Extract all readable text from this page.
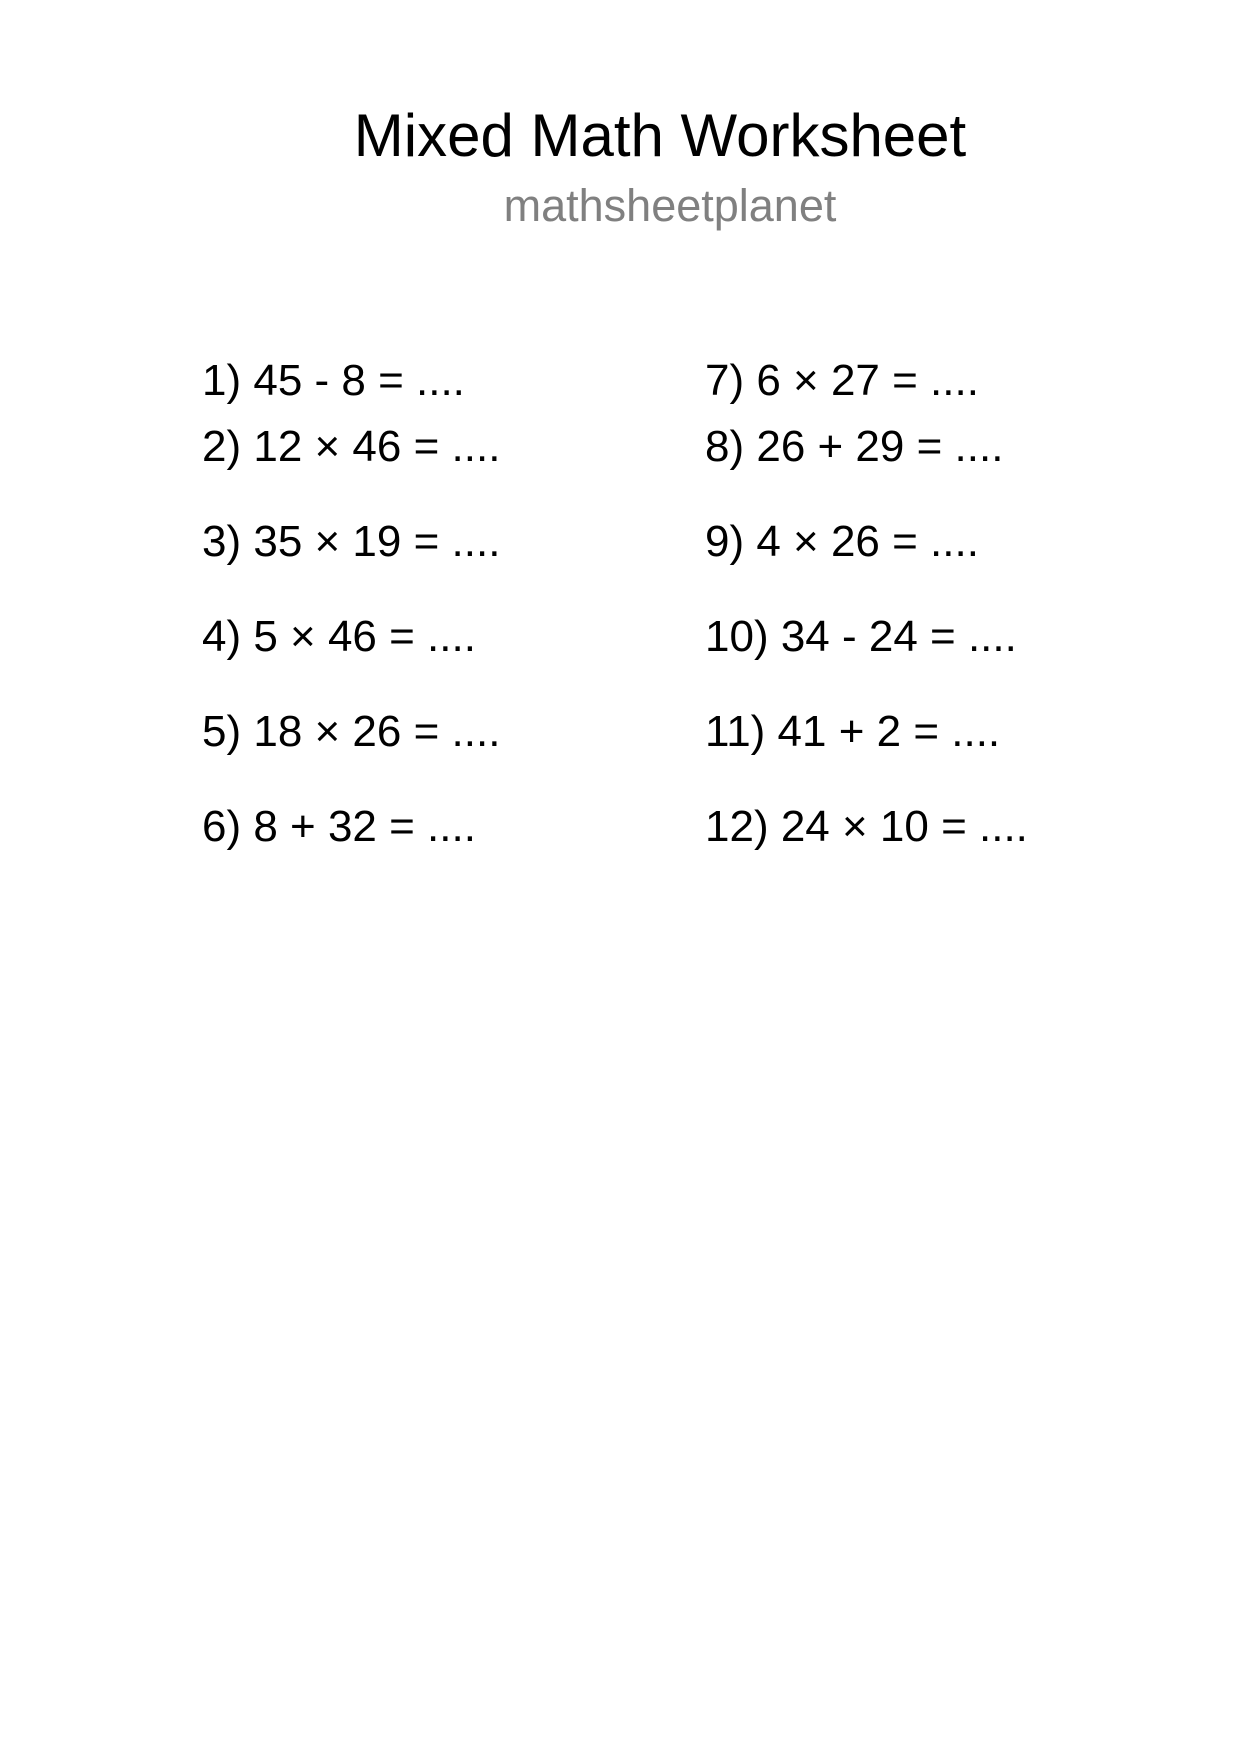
Mixed Math Worksheet
mathsheetplanet
1) 45 - 8 = ....
2) 12 × 46 = ....
3) 35 × 19 = ....
4) 5 × 46 = ....
5) 18 × 26 = ....
6) 8 + 32 = ....
7) 6 × 27 = ....
8) 26 + 29 = ....
9) 4 × 26 = ....
10) 34 - 24 = ....
11) 41 + 2 = ....
12) 24 × 10 = ....
